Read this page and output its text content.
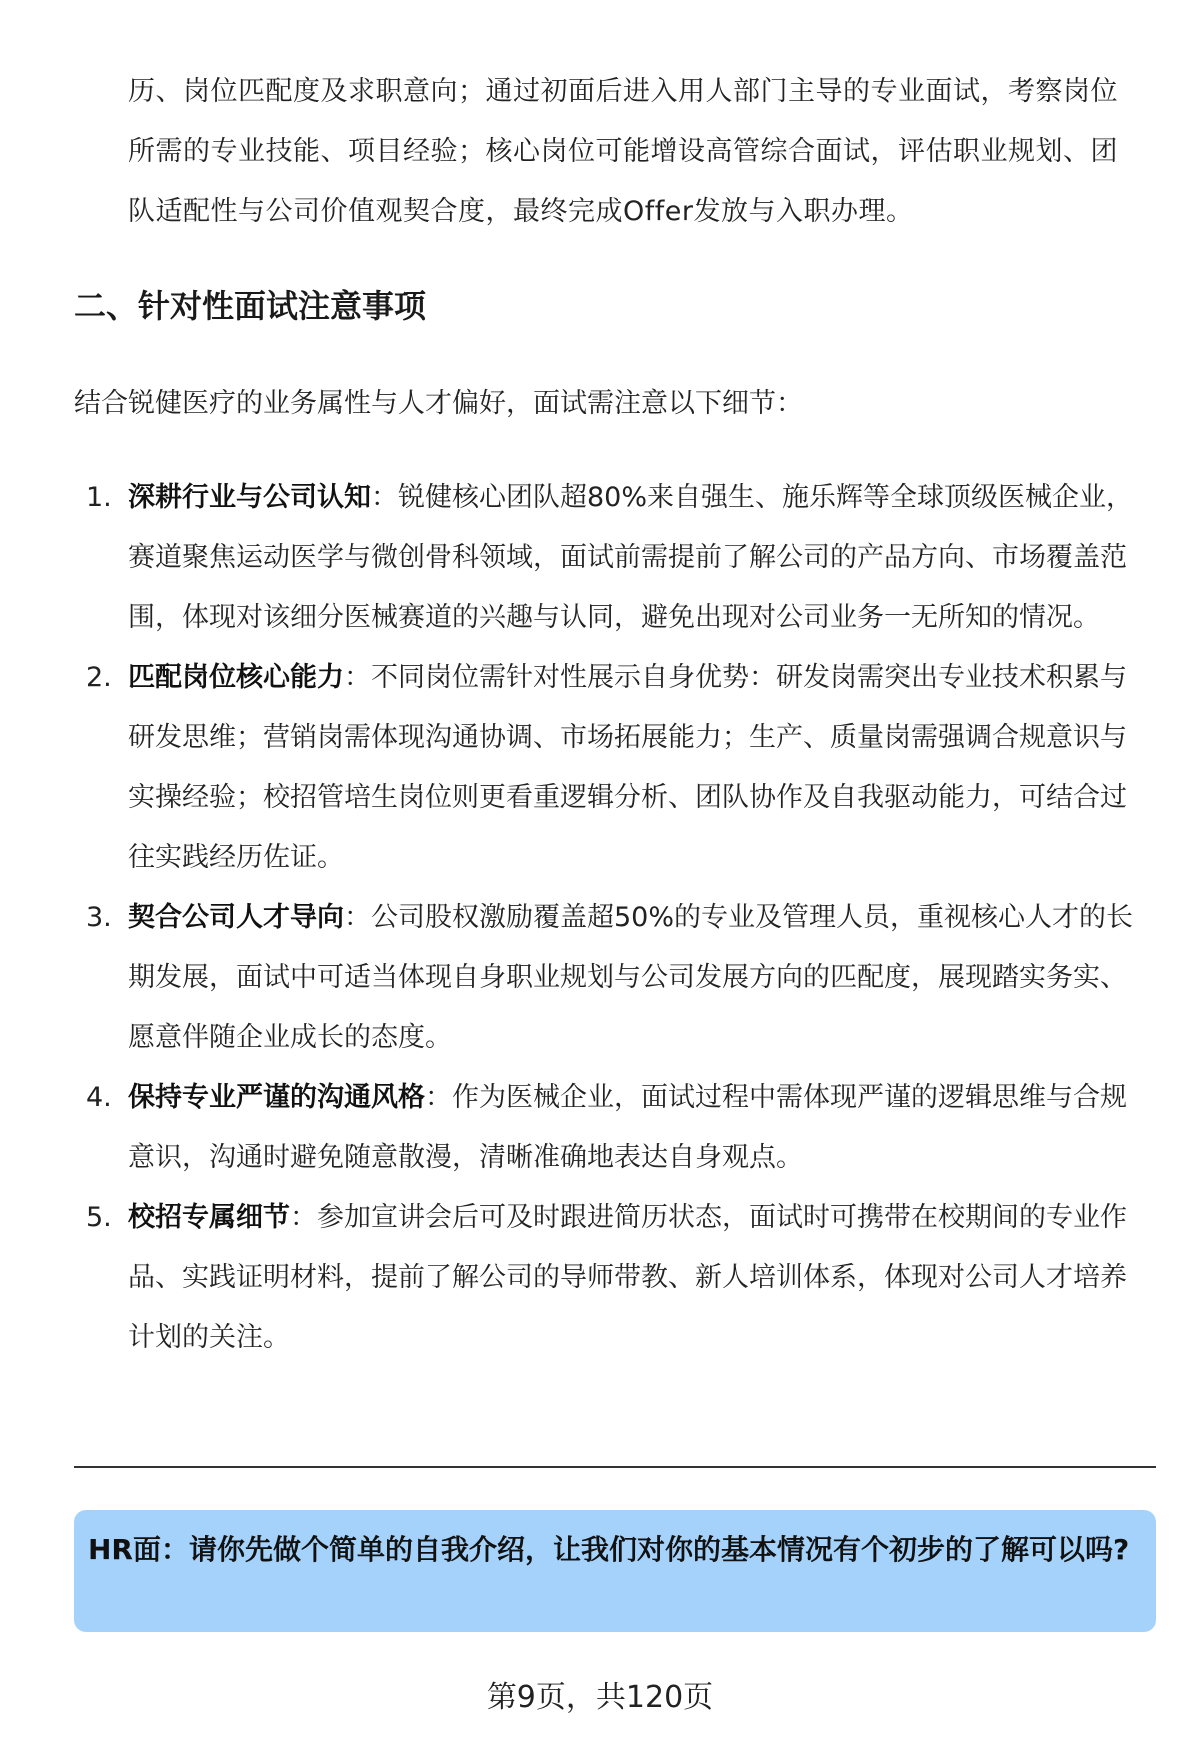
历、岗位匹配度及求职意向；通过初面后进入用人部门主导的专业面试，考察岗位所需的专业技能、项目经验；核心岗位可能增设高管综合面试，评估职业规划、团队适配性与公司价值观契合度，最终完成Offer发放与入职办理。

二、针对性面试注意事项

结合锐健医疗的业务属性与人才偏好，面试需注意以下细节：

1. 深耕行业与公司认知：锐健核心团队超80%来自强生、施乐辉等全球顶级医械企业，赛道聚焦运动医学与微创骨科领域，面试前需提前了解公司的产品方向、市场覆盖范围，体现对该细分医械赛道的兴趣与认同，避免出现对公司业务一无所知的情况。
2. 匹配岗位核心能力：不同岗位需针对性展示自身优势：研发岗需突出专业技术积累与研发思维；营销岗需体现沟通协调、市场拓展能力；生产、质量岗需强调合规意识与实操经验；校招管培生岗位则更看重逻辑分析、团队协作及自我驱动能力，可结合过往实践经历佐证。
3. 契合公司人才导向：公司股权激励覆盖超50%的专业及管理人员，重视核心人才的长期发展，面试中可适当体现自身职业规划与公司发展方向的匹配度，展现踏实务实、愿意伴随企业成长的态度。
4. 保持专业严谨的沟通风格：作为医械企业，面试过程中需体现严谨的逻辑思维与合规意识，沟通时避免随意散漫，清晰准确地表达自身观点。
5. 校招专属细节：参加宣讲会后可及时跟进简历状态，面试时可携带在校期间的专业作品、实践证明材料，提前了解公司的导师带教、新人培训体系，体现对公司人才培养计划的关注。
HR面：请你先做个简单的自我介绍，让我们对你的基本情况有个初步的了解可以吗?
第9页，共120页
